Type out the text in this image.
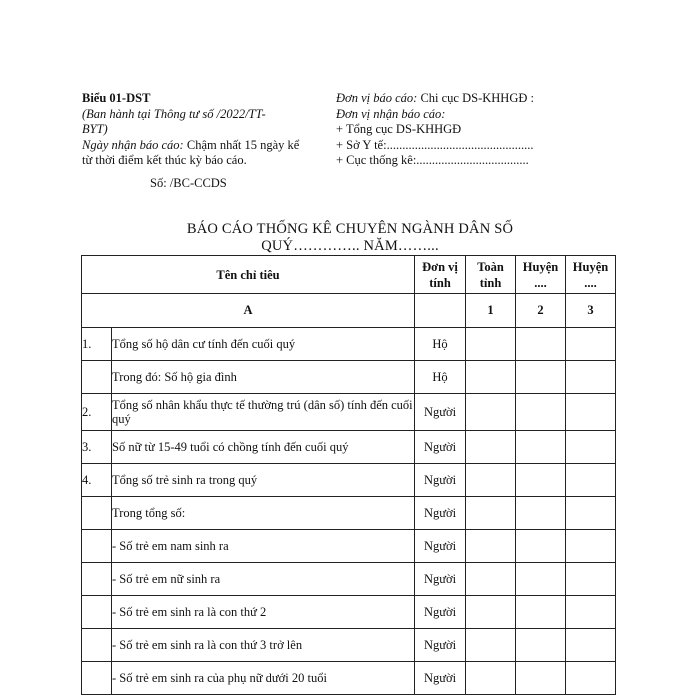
Biểu 01-DST
(Ban hành tại Thông tư số /2022/TT-
BYT)
Ngày nhận báo cáo: Chậm nhất 15 ngày kể
từ thời điểm kết thúc kỳ báo cáo.
Số: /BC-CCDS
Đơn vị báo cáo: Chi cục DS-KHHGĐ :
Đơn vị nhận báo cáo:
+ Tổng cục DS-KHHGĐ
+ Sở Y tế:...............................................
+ Cục thống kê:....................................
BÁO CÁO THỐNG KÊ CHUYÊN NGÀNH DÂN SỐ
QUÝ………….. NĂM……...
Tên chỉ tiêu		Đơn vị tính	Toàn tỉnh	Huyện ....	Huyện ....
A			1	2	3
1.	Tổng số hộ dân cư tính đến cuối quý	Hộ			
	Trong đó: Số hộ gia đình	Hộ			
2.	Tổng số nhân khẩu thực tế thường trú (dân số) tính đến cuối quý	Người			
3.	Số nữ từ 15-49 tuổi có chồng tính đến cuối quý	Người			
4.	Tổng số trẻ sinh ra trong quý	Người			
	Trong tổng số:	Người			
	- Số trẻ em nam sinh ra	Người			
	- Số trẻ em nữ sinh ra	Người			
	- Số trẻ em sinh ra là con thứ 2	Người			
	- Số trẻ em sinh ra là con thứ 3 trở lên	Người			
	- Số trẻ em sinh ra của phụ nữ dưới 20 tuổi	Người			
